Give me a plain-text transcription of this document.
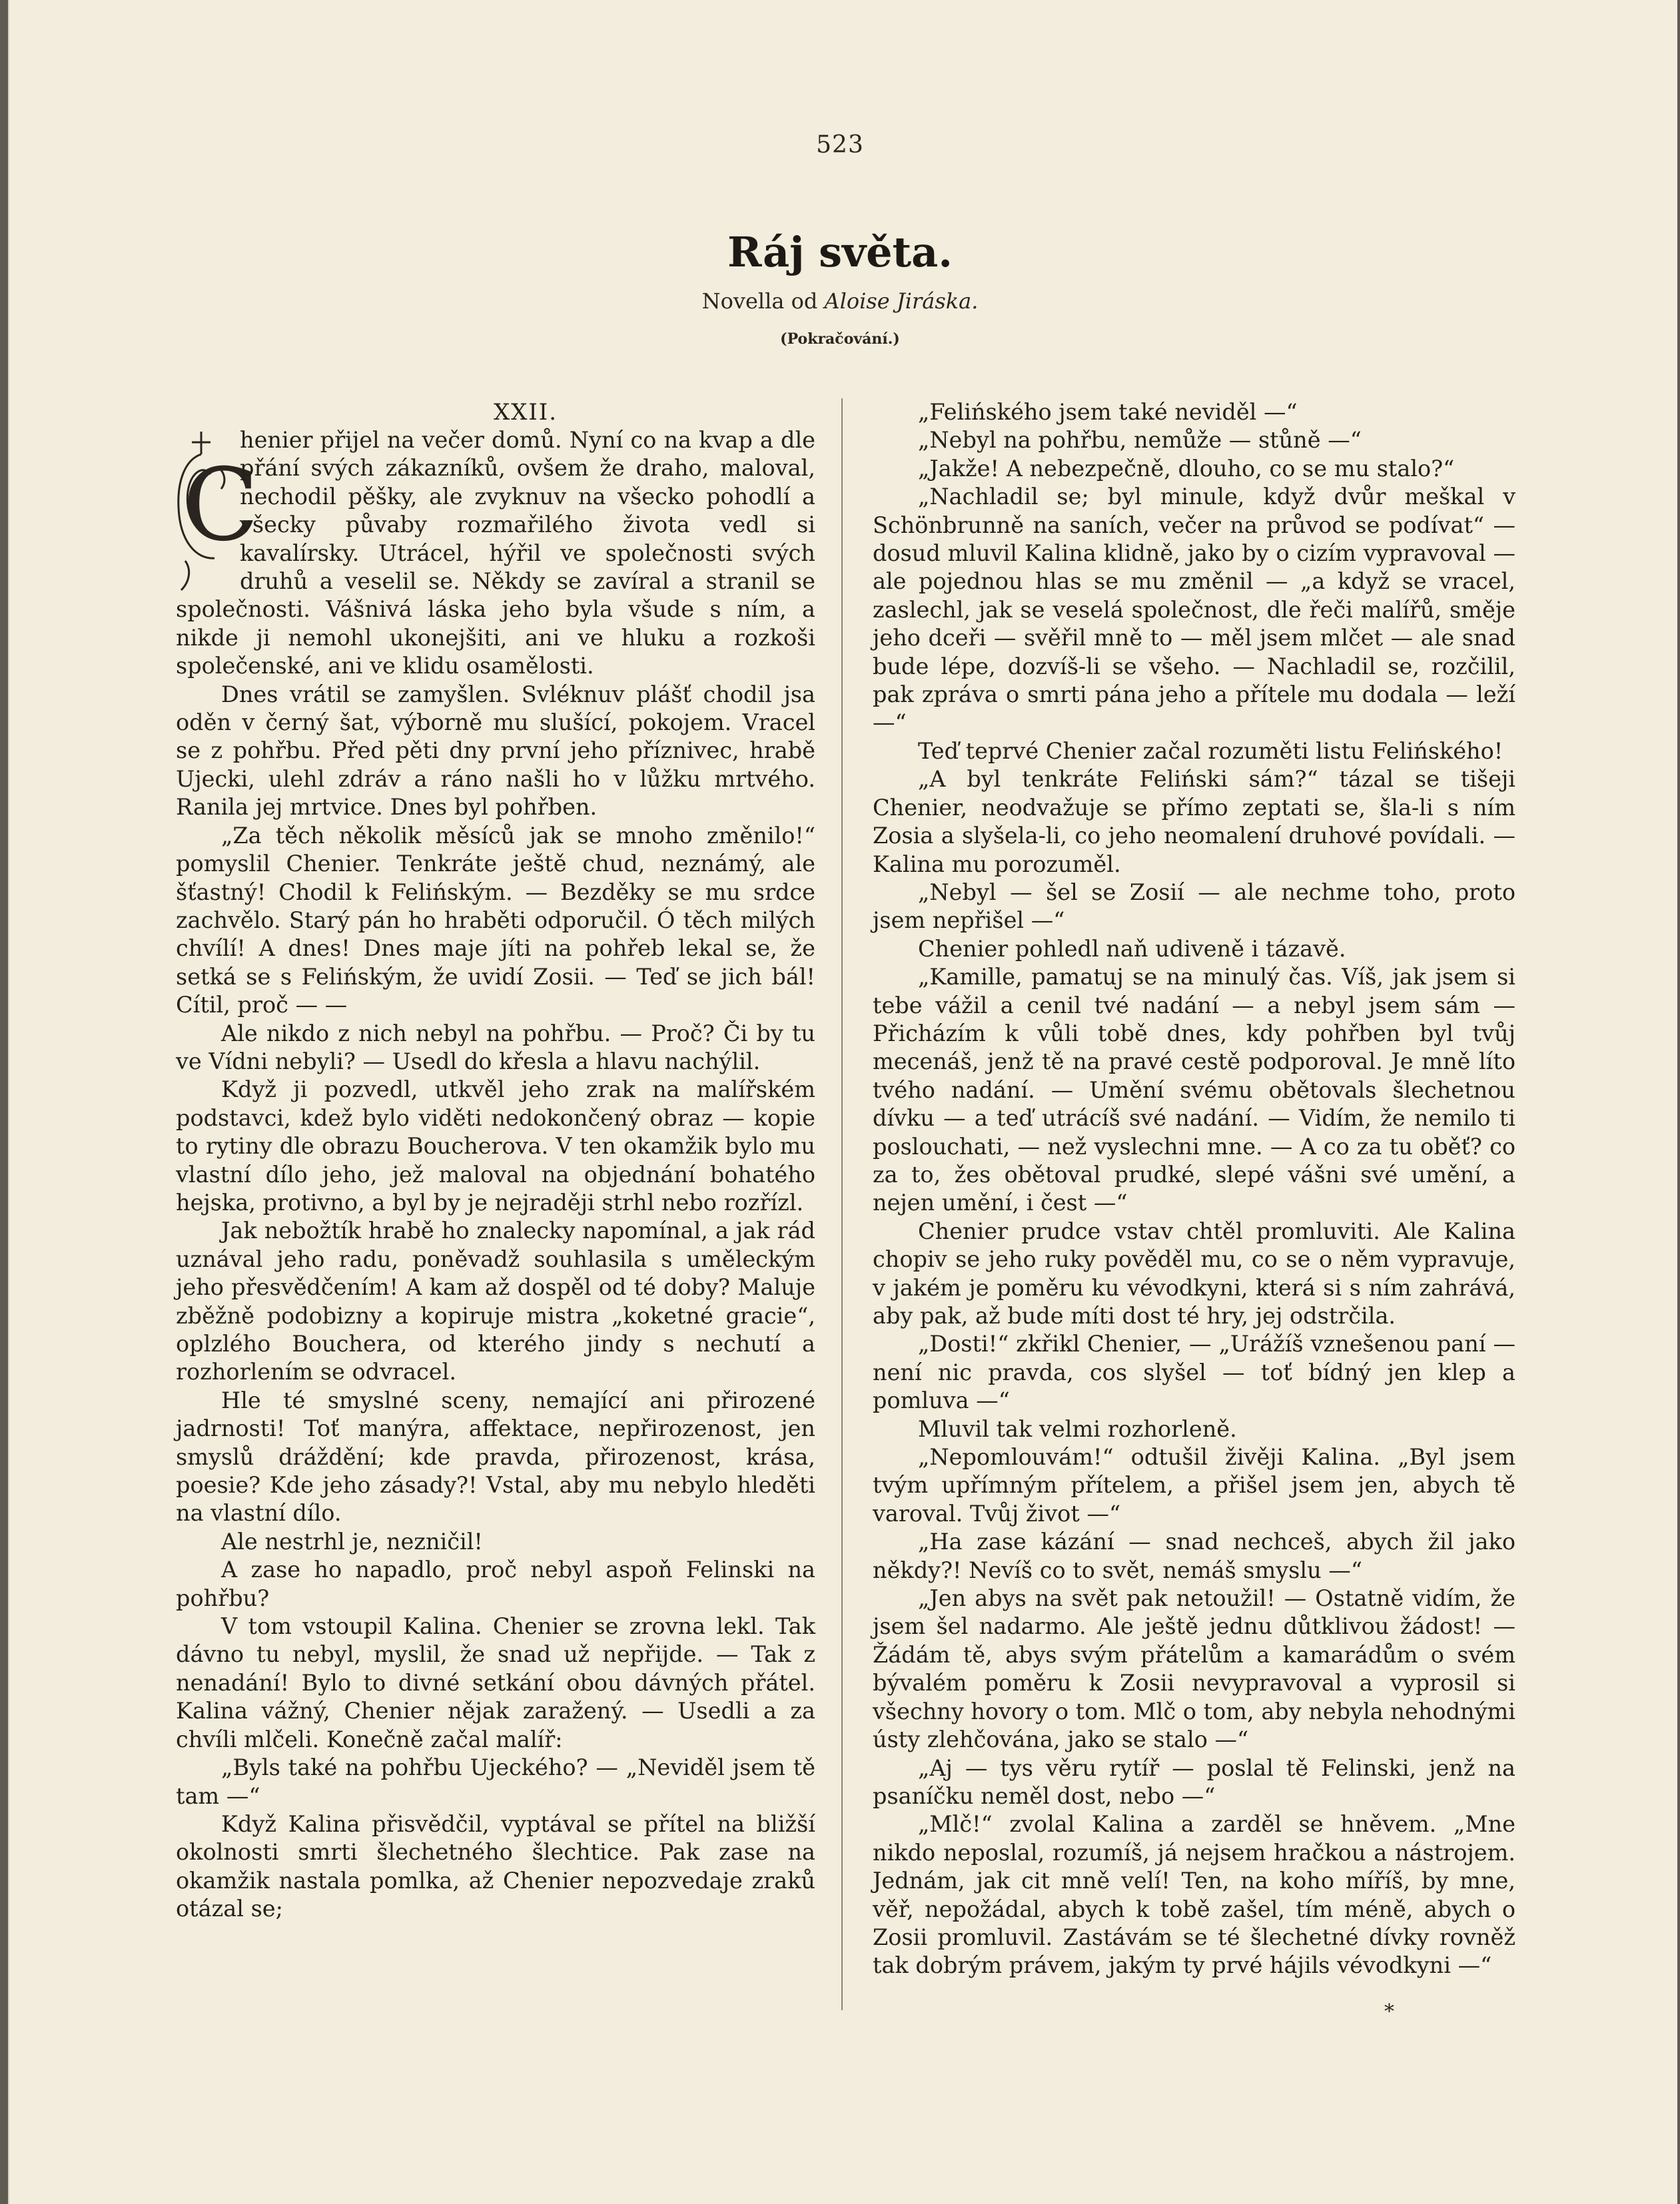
523
Ráj světa.
Novella od Aloise Jiráska.
(Pokračování.)
XXII.
C

henier přijel na večer domů. Nyní co na kvap a dle přání svých zákazníků, ovšem že draho, maloval, nechodil pěšky, ale zvyknuv na všecko pohodlí a všecky půvaby rozmařilého života vedl si kavalírsky. Utrácel, hýřil ve společnosti svých druhů a veselil se. Někdy se zavíral a stranil se společnosti. Vášnivá láska jeho byla všude s ním, a nikde ji nemohl ukonejšiti, ani ve hluku a rozkoši společenské, ani ve klidu osamělosti.

Dnes vrátil se zamyšlen. Svléknuv plášť chodil jsa oděn v černý šat, výborně mu slušící, pokojem. Vracel se z pohřbu. Před pěti dny první jeho příznivec, hrabě Ujecki, ulehl zdráv a ráno našli ho v lůžku mrtvého. Ranila jej mrtvice. Dnes byl pohřben.

„Za těch několik měsíců jak se mnoho změnilo!“ pomyslil Chenier. Tenkráte ještě chud, neznámý, ale šťastný! Chodil k Felińským. — Bezděky se mu srdce zachvělo. Starý pán ho hraběti odporučil. Ó těch milých chvílí! A dnes! Dnes maje jíti na pohřeb lekal se, že setká se s Felińským, že uvidí Zosii. — Teď se jich bál! Cítil, proč — —

Ale nikdo z nich nebyl na pohřbu. — Proč? Či by tu ve Vídni nebyli? — Usedl do křesla a hlavu nachýlil.

Když ji pozvedl, utkvěl jeho zrak na malířském podstavci, kdež bylo viděti nedokončený obraz — kopie to rytiny dle obrazu Boucherova. V ten okamžik bylo mu vlastní dílo jeho, jež maloval na objednání bohatého hejska, protivno, a byl by je nejraději strhl nebo rozřízl.

Jak nebožtík hrabě ho znalecky napomínal, a jak rád uznával jeho radu, poněvadž souhlasila s uměleckým jeho přesvědčením! A kam až dospěl od té doby? Maluje zběžně podobizny a kopiruje mistra „koketné gracie“, oplzlého Bouchera, od kterého jindy s nechutí a rozhorlením se odvracel.

Hle té smyslné sceny, nemající ani přirozené jadrnosti! Toť manýra, affektace, nepřirozenost, jen smyslů dráždění; kde pravda, přirozenost, krása, poesie? Kde jeho zásady?! Vstal, aby mu nebylo hleděti na vlastní dílo.

Ale nestrhl je, nezničil!

A zase ho napadlo, proč nebyl aspoň Felinski na pohřbu?

V tom vstoupil Kalina. Chenier se zrovna lekl. Tak dávno tu nebyl, myslil, že snad už nepřijde. — Tak z nenadání! Bylo to divné setkání obou dávných přátel. Kalina vážný, Chenier nějak zaražený. — Usedli a za chvíli mlčeli. Konečně začal malíř:

„Byls také na pohřbu Ujeckého? — „Neviděl jsem tě tam —“

Když Kalina přisvědčil, vyptával se přítel na bližší okolnosti smrti šlechetného šlechtice. Pak zase na okamžik nastala pomlka, až Chenier nepozvedaje zraků otázal se;

„Felińského jsem také neviděl —“

„Nebyl na pohřbu, nemůže — stůně —“

„Jakže! A nebezpečně, dlouho, co se mu stalo?“

„Nachladil se; byl minule, když dvůr meškal v Schönbrunně na saních, večer na průvod se podívat“ — dosud mluvil Kalina klidně, jako by o cizím vypravoval — ale pojednou hlas se mu změnil — „a když se vracel, zaslechl, jak se veselá společnost, dle řeči malířů, směje jeho dceři — svěřil mně to — měl jsem mlčet — ale snad bude lépe, dozvíš-li se všeho. — Nachladil se, rozčilil, pak zpráva o smrti pána jeho a přítele mu dodala — leží —“

Teď teprvé Chenier začal rozuměti listu Felińského!

„A byl tenkráte Feliński sám?“ tázal se tišeji Chenier, neodvažuje se přímo zeptati se, šla-li s ním Zosia a slyšela-li, co jeho neomalení druhové povídali. — Kalina mu porozuměl.

„Nebyl — šel se Zosií — ale nechme toho, proto jsem nepřišel —“

Chenier pohledl naň udiveně i tázavě.

„Kamille, pamatuj se na minulý čas. Víš, jak jsem si tebe vážil a cenil tvé nadání — a nebyl jsem sám — Přicházím k vůli tobě dnes, kdy pohřben byl tvůj mecenáš, jenž tě na pravé cestě podporoval. Je mně líto tvého nadání. — Umění svému obětovals šlechetnou dívku — a teď utrácíš své nadání. — Vidím, že nemilo ti poslouchati, — než vyslechni mne. — A co za tu oběť? co za to, žes obětoval prudké, slepé vášni své umění, a nejen umění, i čest —“

Chenier prudce vstav chtěl promluviti. Ale Kalina chopiv se jeho ruky pověděl mu, co se o něm vypravuje, v jakém je poměru ku vévodkyni, která si s ním zahrává, aby pak, až bude míti dost té hry, jej odstrčila.

„Dosti!“ zkřikl Chenier, — „Urážíš vznešenou paní — není nic pravda, cos slyšel — toť bídný jen klep a pomluva —“

Mluvil tak velmi rozhorleně.

„Nepomlouvám!“ odtušil živěji Kalina. „Byl jsem tvým upřímným přítelem, a přišel jsem jen, abych tě varoval. Tvůj život —“

„Ha zase kázání — snad nechceš, abych žil jako někdy?! Nevíš co to svět, nemáš smyslu —“

„Jen abys na svět pak netoužil! — Ostatně vidím, že jsem šel nadarmo. Ale ještě jednu důtklivou žádost! — Žádám tě, abys svým přátelům a kamarádům o svém bývalém poměru k Zosii nevypravoval a vyprosil si všechny hovory o tom. Mlč o tom, aby nebyla nehodnými ústy zlehčována, jako se stalo —“

„Aj — tys věru rytíř — poslal tě Felinski, jenž na psaníčku neměl dost, nebo —“

„Mlč!“ zvolal Kalina a zarděl se hněvem. „Mne nikdo neposlal, rozumíš, já nejsem hračkou a nástrojem. Jednám, jak cit mně velí! Ten, na koho míříš, by mne, věř, nepožádal, abych k tobě zašel, tím méně, abych o Zosii promluvil. Zastávám se té šlechetné dívky rovněž tak dobrým právem, jakým ty prvé hájils vévodkyni —“

*
